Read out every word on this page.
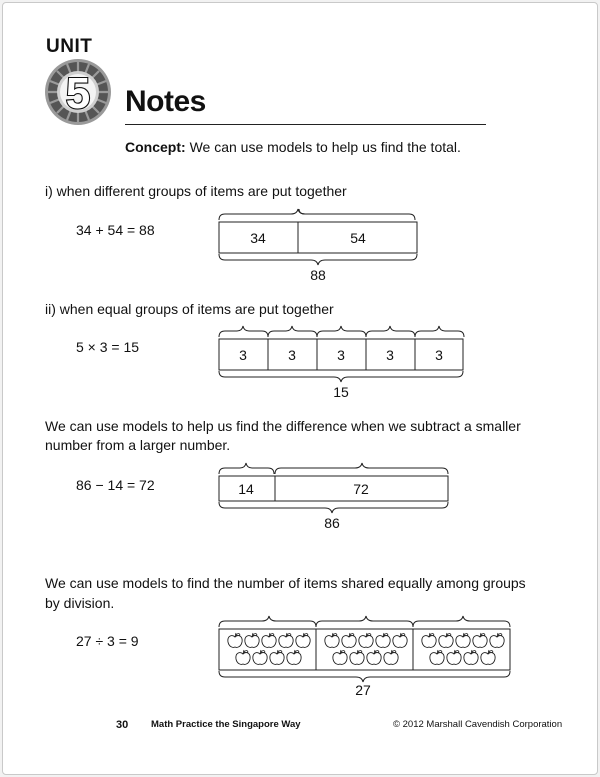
UNIT
5 Notes
Concept: We can use models to help us find the total.
i) when different groups of items are put together
34 + 54 = 88	34	54
88
ii) when equal groups of items are put together
5 × 3 = 15	3	3	3	3	3
15
We can use models to help us find the difference when we subtract a smaller
number from a larger number.
86 − 14 = 72	14	72
86
We can use models to find the number of items shared equally among groups
by division.
27 ÷ 3 = 9
27
30 Math Practice the Singapore Way	© 2012 Marshall Cavendish Corporation
